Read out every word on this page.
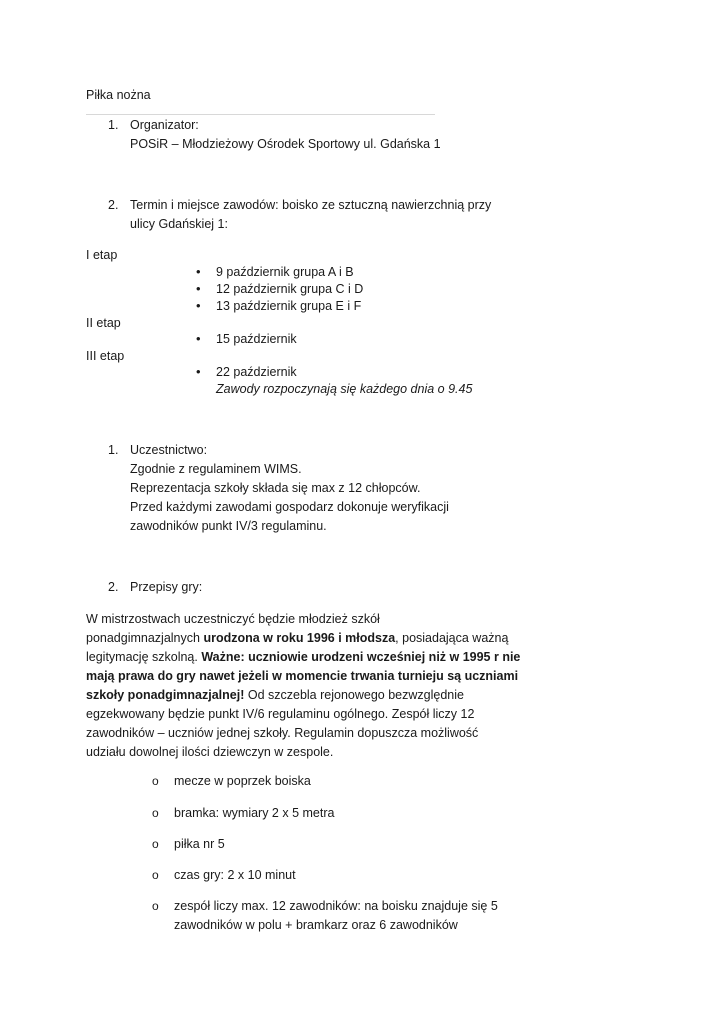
Piłka nożna
1. Organizator:
POSiR – Młodzieżowy Ośrodek Sportowy ul. Gdańska 1
2. Termin i miejsce zawodów: boisko ze sztuczną nawierzchnią przy
ulicy Gdańskiej 1:
I etap
• 9 październik grupa A i B
• 12 październik grupa C i D
• 13 październik grupa E i F
II etap
• 15 październik
III etap
• 22 październik
Zawody rozpoczynają się każdego dnia o 9.45
1. Uczestnictwo:
Zgodnie z regulaminem WIMS.
Reprezentacja szkoły składa się max z 12 chłopców.
Przed każdymi zawodami gospodarz dokonuje weryfikacji
zawodników punkt IV/3 regulaminu.
2. Przepisy gry:

W mistrzostwach uczestniczyć będzie młodzież szkół

ponadgimnazjalnych urodzona w roku 1996 i młodsza, posiadająca ważną

legitymację szkolną. Ważne: uczniowie urodzeni wcześniej niż w 1995 r nie

mają prawa do gry nawet jeżeli w momencie trwania turnieju są uczniami

szkoły ponadgimnazjalnej! Od szczebla rejonowego bezwzględnie

egzekwowany będzie punkt IV/6 regulaminu ogólnego. Zespół liczy 12

zawodników – uczniów jednej szkoły. Regulamin dopuszcza możliwość

udziału dowolnej ilości dziewczyn w zespole.

o mecze w poprzek boiska
o bramka: wymiary 2 x 5 metra
o piłka nr 5
o czas gry: 2 x 10 minut
o zespół liczy max. 12 zawodników: na boisku znajduje się 5
zawodników w polu + bramkarz oraz 6 zawodników
